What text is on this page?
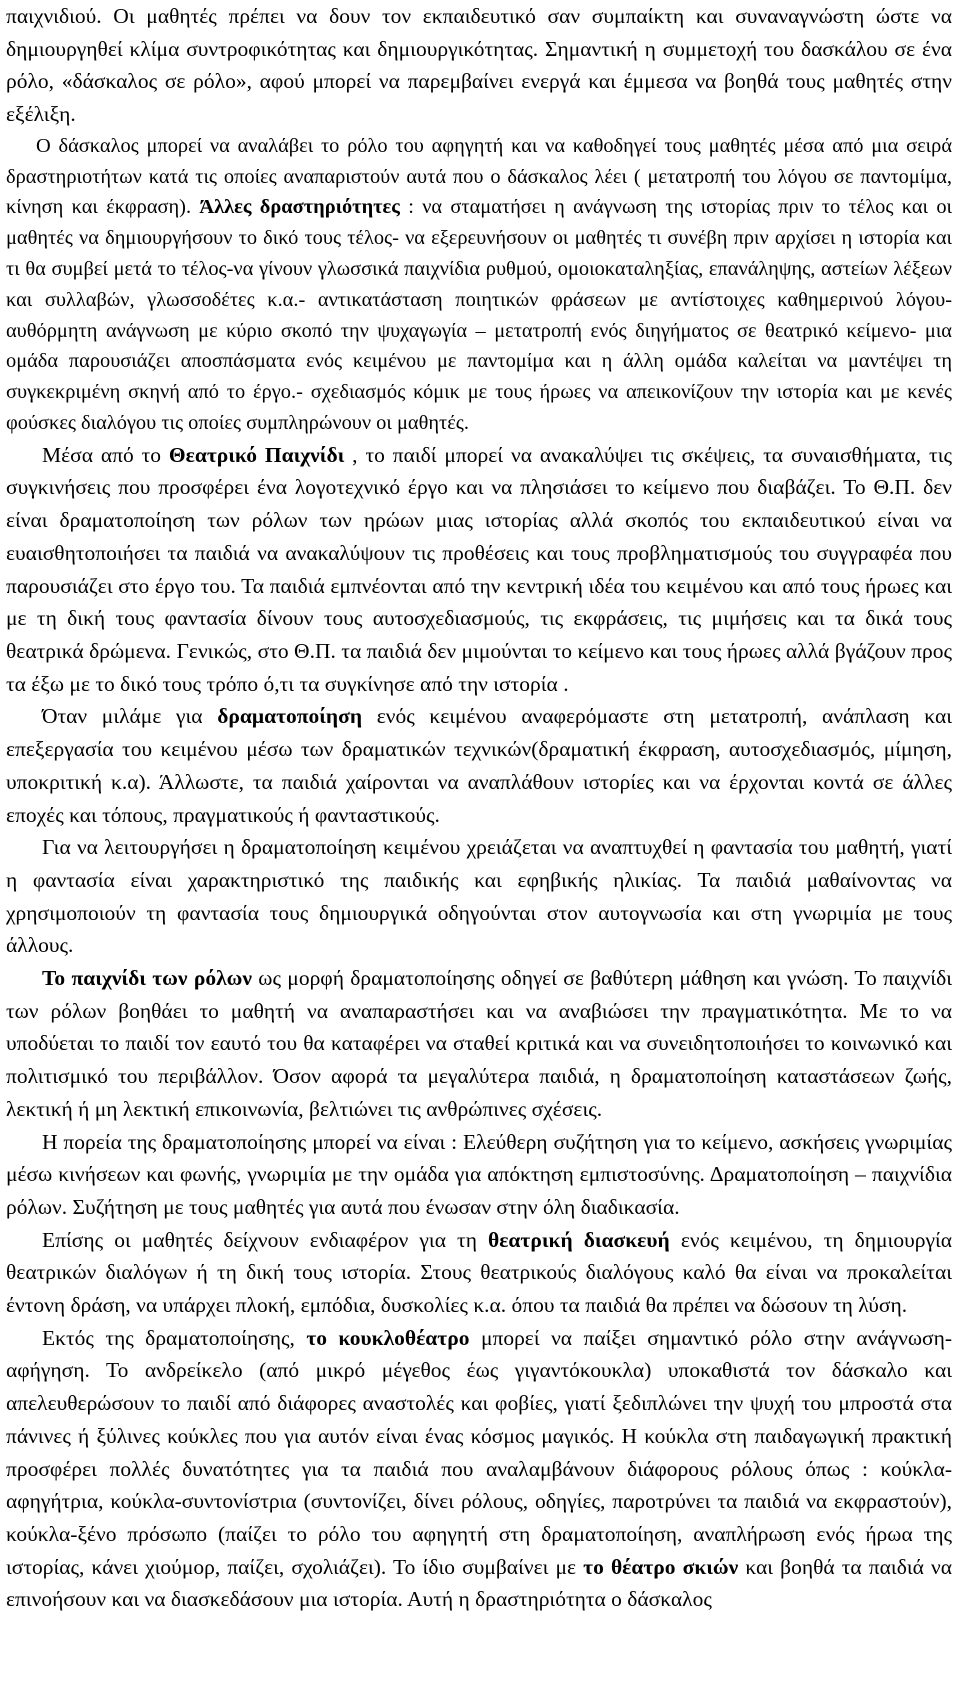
παιχνιδιού. Οι μαθητές πρέπει να δουν τον εκπαιδευτικό σαν συμπαίκτη και συναναγνώστη ώστε να δημιουργηθεί κλίμα συντροφικότητας και δημιουργικότητας. Σημαντική η συμμετοχή του δασκάλου σε ένα ρόλο, «δάσκαλος σε ρόλο», αφού μπορεί να παρεμβαίνει ενεργά και έμμεσα να βοηθά τους μαθητές στην εξέλιξη.

Ο δάσκαλος μπορεί να αναλάβει το ρόλο του αφηγητή και να καθοδηγεί τους μαθητές μέσα από μια σειρά δραστηριοτήτων κατά τις οποίες αναπαριστούν αυτά που ο δάσκαλος λέει ( μετατροπή του λόγου σε παντομίμα, κίνηση και έκφραση). Άλλες δραστηριότητες : να σταματήσει η ανάγνωση της ιστορίας πριν το τέλος και οι μαθητές να δημιουργήσουν το δικό τους τέλος- να εξερευνήσουν οι μαθητές τι συνέβη πριν αρχίσει η ιστορία και τι θα συμβεί μετά το τέλος-να γίνουν γλωσσικά παιχνίδια ρυθμού, ομοιοκαταληξίας, επανάληψης, αστείων λέξεων και συλλαβών, γλωσσοδέτες κ.α.- αντικατάσταση ποιητικών φράσεων με αντίστοιχες καθημερινού λόγου- αυθόρμητη ανάγνωση με κύριο σκοπό την ψυχαγωγία – μετατροπή ενός διηγήματος σε θεατρικό κείμενο- μια ομάδα παρουσιάζει αποσπάσματα ενός κειμένου με παντομίμα και η άλλη ομάδα καλείται να μαντέψει τη συγκεκριμένη σκηνή από το έργο.- σχεδιασμός κόμικ με τους ήρωες να απεικονίζουν την ιστορία και με κενές φούσκες διαλόγου τις οποίες συμπληρώνουν οι μαθητές.

Μέσα από το Θεατρικό Παιχνίδι , το παιδί μπορεί να ανακαλύψει τις σκέψεις, τα συναισθήματα, τις συγκινήσεις που προσφέρει ένα λογοτεχνικό έργο και να πλησιάσει το κείμενο που διαβάζει. Το Θ.Π. δεν είναι δραματοποίηση των ρόλων των ηρώων μιας ιστορίας αλλά σκοπός του εκπαιδευτικού είναι να ευαισθητοποιήσει τα παιδιά να ανακαλύψουν τις προθέσεις και τους προβληματισμούς του συγγραφέα που παρουσιάζει στο έργο του. Τα παιδιά εμπνέονται από την κεντρική ιδέα του κειμένου και από τους ήρωες και με τη δική τους φαντασία δίνουν τους αυτοσχεδιασμούς, τις εκφράσεις, τις μιμήσεις και τα δικά τους θεατρικά δρώμενα. Γενικώς, στο Θ.Π. τα παιδιά δεν μιμούνται το κείμενο και τους ήρωες αλλά βγάζουν προς τα έξω με το δικό τους τρόπο ό,τι τα συγκίνησε από την ιστορία .

Όταν μιλάμε για δραματοποίηση ενός κειμένου αναφερόμαστε στη μετατροπή, ανάπλαση και επεξεργασία του κειμένου μέσω των δραματικών τεχνικών(δραματική έκφραση, αυτοσχεδιασμός, μίμηση, υποκριτική κ.α). Άλλωστε, τα παιδιά χαίρονται να αναπλάθουν ιστορίες και να έρχονται κοντά σε άλλες εποχές και τόπους, πραγματικούς ή φανταστικούς.

Για να λειτουργήσει η δραματοποίηση κειμένου χρειάζεται να αναπτυχθεί η φαντασία του μαθητή, γιατί η φαντασία είναι χαρακτηριστικό της παιδικής και εφηβικής ηλικίας. Τα παιδιά μαθαίνοντας να χρησιμοποιούν τη φαντασία τους δημιουργικά οδηγούνται στον αυτογνωσία και στη γνωριμία με τους άλλους.

Το παιχνίδι των ρόλων ως μορφή δραματοποίησης οδηγεί σε βαθύτερη μάθηση και γνώση. Το παιχνίδι των ρόλων βοηθάει το μαθητή να αναπαραστήσει και να αναβιώσει την πραγματικότητα. Με το να υποδύεται το παιδί τον εαυτό του θα καταφέρει να σταθεί κριτικά και να συνειδητοποιήσει το κοινωνικό και πολιτισμικό του περιβάλλον. Όσον αφορά τα μεγαλύτερα παιδιά, η δραματοποίηση καταστάσεων ζωής, λεκτική ή μη λεκτική επικοινωνία, βελτιώνει τις ανθρώπινες σχέσεις.

Η πορεία της δραματοποίησης μπορεί να είναι : Ελεύθερη συζήτηση για το κείμενο, ασκήσεις γνωριμίας μέσω κινήσεων και φωνής, γνωριμία με την ομάδα για απόκτηση εμπιστοσύνης. Δραματοποίηση – παιχνίδια ρόλων. Συζήτηση με τους μαθητές για αυτά που ένωσαν στην όλη διαδικασία.

Επίσης οι μαθητές δείχνουν ενδιαφέρον για τη θεατρική διασκευή ενός κειμένου, τη δημιουργία θεατρικών διαλόγων ή τη δική τους ιστορία. Στους θεατρικούς διαλόγους καλό θα είναι να προκαλείται έντονη δράση, να υπάρχει πλοκή, εμπόδια, δυσκολίες κ.α. όπου τα παιδιά θα πρέπει να δώσουν τη λύση.

Εκτός της δραματοποίησης, το κουκλοθέατρο μπορεί να παίξει σημαντικό ρόλο στην ανάγνωση-αφήγηση. Το ανδρείκελο (από μικρό μέγεθος έως γιγαντόκουκλα) υποκαθιστά τον δάσκαλο και απελευθερώσουν το παιδί από διάφορες αναστολές και φοβίες, γιατί ξεδιπλώνει την ψυχή του μπροστά στα πάνινες ή ξύλινες κούκλες που για αυτόν είναι ένας κόσμος μαγικός. Η κούκλα στη παιδαγωγική πρακτική προσφέρει πολλές δυνατότητες για τα παιδιά που αναλαμβάνουν διάφορους ρόλους όπως : κούκλα-αφηγήτρια, κούκλα-συντονίστρια (συντονίζει, δίνει ρόλους, οδηγίες, παροτρύνει τα παιδιά να εκφραστούν), κούκλα-ξένο πρόσωπο (παίζει το ρόλο του αφηγητή στη δραματοποίηση, αναπλήρωση ενός ήρωα της ιστορίας, κάνει χιούμορ, παίζει, σχολιάζει). Το ίδιο συμβαίνει με το θέατρο σκιών και βοηθά τα παιδιά να επινοήσουν και να διασκεδάσουν μια ιστορία. Αυτή η δραστηριότητα ο δάσκαλος
